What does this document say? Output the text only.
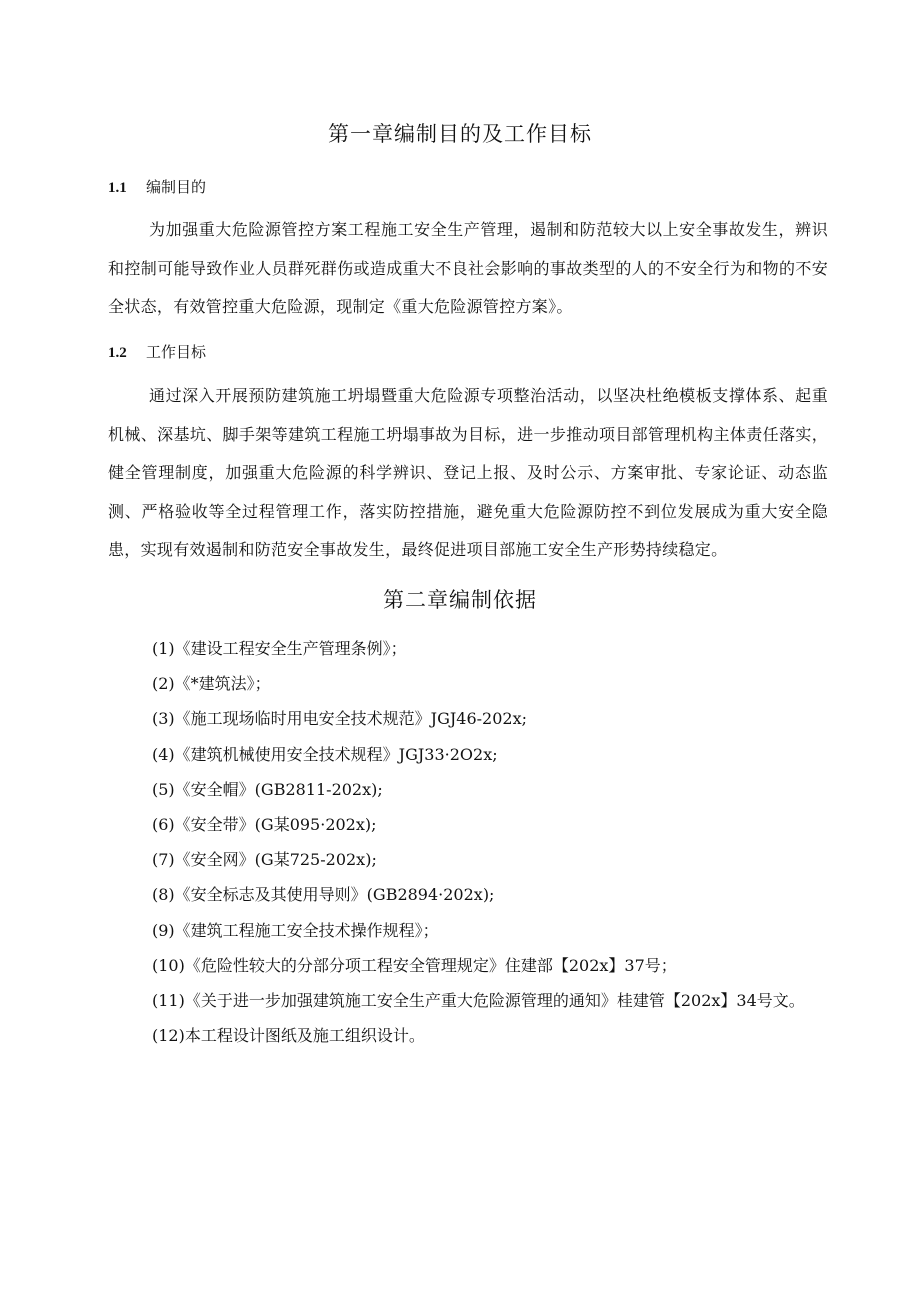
第一章编制目的及工作目标
1.1 编制目的

为加强重大危险源管控方案工程施工安全生产管理，遏制和防范较大以上安全事故发生，辨识和控制可能导致作业人员群死群伤或造成重大不良社会影响的事故类型的人的不安全行为和物的不安全状态，有效管控重大危险源，现制定《重大危险源管控方案》。

1.2 工作目标

通过深入开展预防建筑施工坍塌暨重大危险源专项整治活动，以坚决杜绝模板支撑体系、起重机械、深基坑、脚手架等建筑工程施工坍塌事故为目标，进一步推动项目部管理机构主体责任落实，健全管理制度，加强重大危险源的科学辨识、登记上报、及时公示、方案审批、专家论证、动态监测、严格验收等全过程管理工作，落实防控措施，避免重大危险源防控不到位发展成为重大安全隐患，实现有效遏制和防范安全事故发生，最终促进项目部施工安全生产形势持续稳定。

第二章编制依据
(1)《建设工程安全生产管理条例》；
(2)《*建筑法》；
(3)《施工现场临时用电安全技术规范》JGJ46-202x;
(4)《建筑机械使用安全技术规程》JGJ33·2O2x;
(5)《安全帽》(GB2811-202x);
(6)《安全带》(G某095·202x);
(7)《安全网》(G某725-202x);
(8)《安全标志及其使用导则》(GB2894·202x);
(9)《建筑工程施工安全技术操作规程》；
(10)《危险性较大的分部分项工程安全管理规定》住建部【202x】37号；
(11)《关于进一步加强建筑施工安全生产重大危险源管理的通知》桂建管【202x】34号文。
(12)本工程设计图纸及施工组织设计。
